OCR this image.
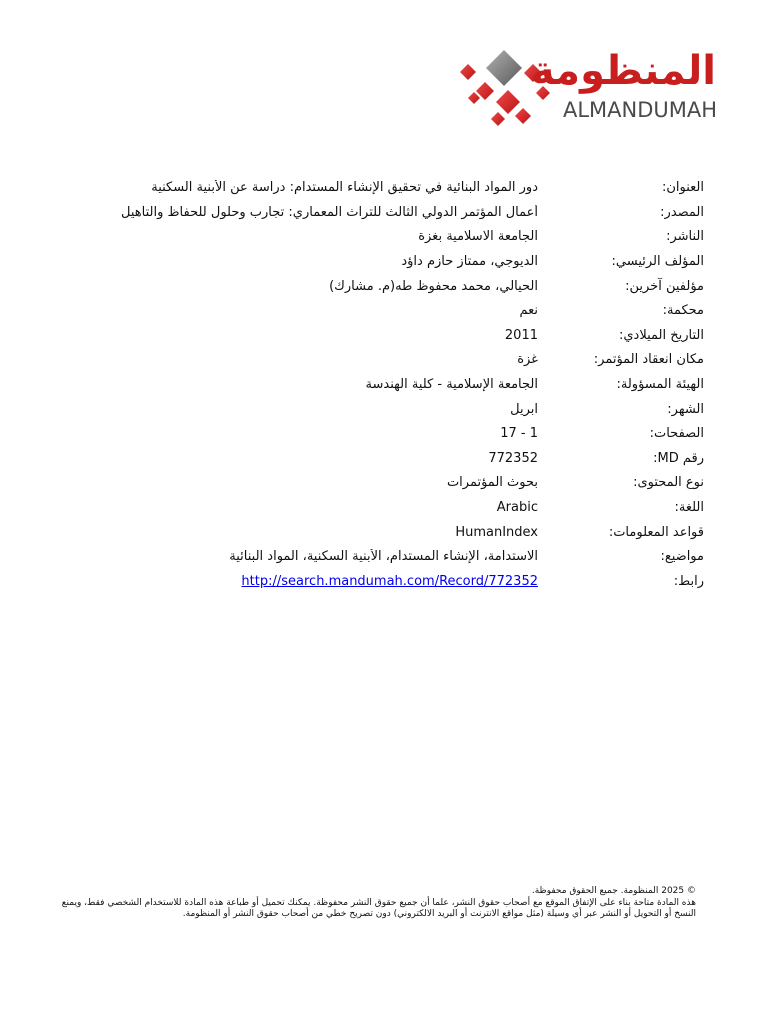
المنظومة
ALMANDUMAH
العنوان:
دور المواد البنائية في تحقيق الإنشاء المستدام: دراسة عن الأبنية السكنية
المصدر:
أعمال المؤتمر الدولي الثالث للتراث المعماري: تجارب وحلول للحفاظ والتأهيل
الناشر:
الجامعة الاسلامية بغزة
المؤلف الرئيسي:
الديوجي، ممتاز حازم داؤد
مؤلفين آخرين:
الحيالي، محمد محفوظ طه(م. مشارك)
محكمة:
نعم
التاريخ الميلادي:
2011
مكان انعقاد المؤتمر:
غزة
الهيئة المسؤولة:
الجامعة الإسلامية - كلية الهندسة
الشهر:
ابريل
الصفحات:
1 - 17
رقم MD:
772352
نوع المحتوى:
بحوث المؤتمرات
اللغة:
Arabic
قواعد المعلومات:
HumanIndex
مواضيع:
الاستدامة، الإنشاء المستدام، الأبنية السكنية، المواد البنائية
رابط:
http://search.mandumah.com/Record/772352
© 2025 المنظومة. جميع الحقوق محفوظة.
هذه المادة متاحة بناء على الإتفاق الموقع مع أصحاب حقوق النشر، علما أن جميع حقوق النشر محفوظة. يمكنك تحميل أو طباعة هذه المادة للاستخدام الشخصي فقط، ويمنع النسخ أو التحويل أو النشر عبر أي وسيلة (مثل مواقع الانترنت أو البريد الالكتروني) دون تصريح خطي من أصحاب حقوق النشر أو المنظومة.
